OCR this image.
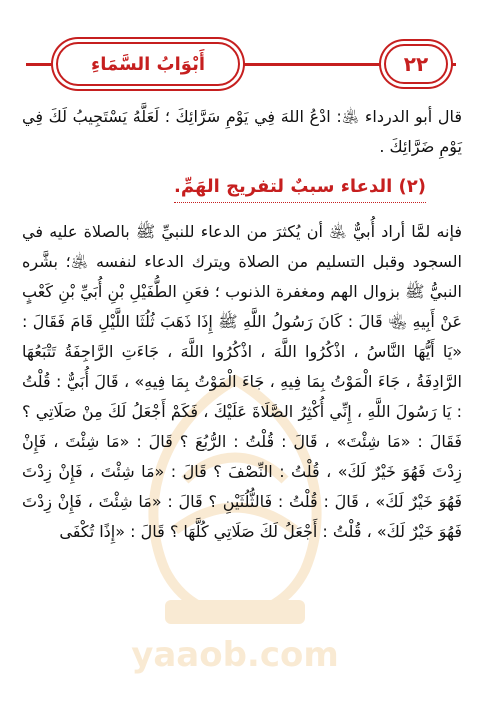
٢٢
أَبْوَابُ السَّمَاءِ
yaaob.com

قال أبو الدرداء ﵁: ادْعُ اللهَ فِي يَوْمِ سَرَّائِكَ ؛ لَعَلَّهُ يَسْتَجِيبُ لَكَ فِي يَوْمِ ضَرَّائِكَ .

(٢) الدعاء سببٌ لتفريج الهَمِّ.

فإنه لمَّا أراد أُبيٌّ ﵁ أن يُكثرَ من الدعاء للنبيِّ ﷺ بالصلاة عليه في السجود وقبل التسليم من الصلاة ويترك الدعاء لنفسه ﵁؛ بشَّره النبيُّ ﷺ بزوال الهم ومغفرة الذنوب ؛ فعَنِ الطُّفَيْلِ بْنِ أُبَيِّ بْنِ كَعْبٍ عَنْ أَبِيهِ ﵄ قَالَ : كَانَ رَسُولُ اللَّهِ ﷺ إِذَا ذَهَبَ ثُلُثَا اللَّيْلِ قَامَ فَقَالَ : «يَا أَيُّهَا النَّاسُ ، اذْكُرُوا اللَّهَ ، اذْكُرُوا اللَّهَ ، جَاءَتِ الرَّاجِفَةُ تَتْبَعُهَا الرَّادِفَةُ ، جَاءَ الْمَوْتُ بِمَا فِيهِ ، جَاءَ الْمَوْتُ بِمَا فِيهِ» ، قَالَ أُبَيٌّ : قُلْتُ : يَا رَسُولَ اللَّهِ ، إِنِّي أُكْثِرُ الصَّلَاةَ عَلَيْكَ ، فَكَمْ أَجْعَلُ لَكَ مِنْ صَلَاتِي ؟ فَقَالَ : «مَا شِئْتَ» ، قَالَ : قُلْتُ : الرُّبُعَ ؟ قَالَ : «مَا شِئْتَ ، فَإِنْ زِدْتَ فَهُوَ خَيْرٌ لَكَ» ، قُلْتُ : النِّصْفَ ؟ قَالَ : «مَا شِئْتَ ، فَإِنْ زِدْتَ فَهُوَ خَيْرٌ لَكَ» ، قَالَ : قُلْتُ : فَالثُّلُثَيْنِ ؟ قَالَ : «مَا شِئْتَ ، فَإِنْ زِدْتَ فَهُوَ خَيْرٌ لَكَ» ، قُلْتُ : أَجْعَلُ لَكَ صَلَاتِي كُلَّهَا ؟ قَالَ : «إِذًا تُكْفَى
